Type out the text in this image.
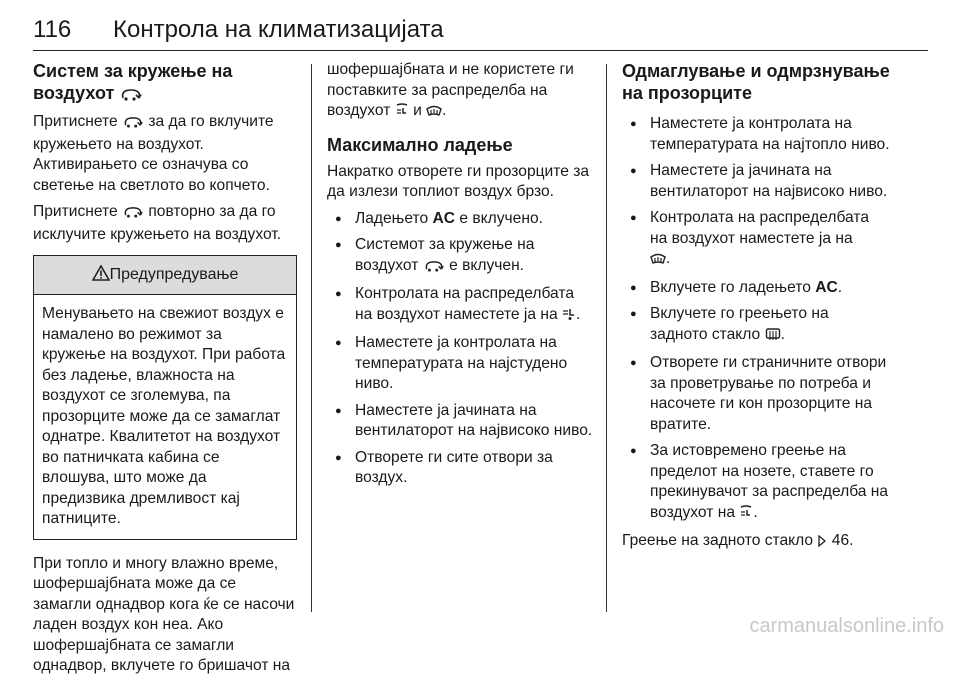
116 Контрола на климатизацијата
Систем за кружење на воздухот

Притиснете за да го вклучите кружењето на воздухот. Активирањето се означува со светење на светлото во копчето.

Притиснете повторно за да го исклучите кружењето на воздухот.

Предупредување
Менувањето на свежиот воздух е намалено во режимот за кружење на воздухот. При работа без ладење, влажноста на воздухот се зголемува, па прозорците може да се замаглат однатре. Квалитетот на воздухот во патничката кабина се влошува, што може да предизвика дремливост кај патниците.

При топло и многу влажно време, шофершајбната може да се замагли однадвор кога ќе се насочи ладен воздух кон неа. Ако шофершајбната се замагли однадвор, вклучете го бришачот на

шофершајбната и не користете ги поставките за распределба на воздухот и .

Максимално ладење

Накратко отворете ги прозорците за да излези топлиот воздух брзо.

● Ладењето AC е вклучено.
● Системот за кружење на воздухот е вклучен.
● Контролата на распределбата на воздухот наместете ја на .
● Наместете ја контролата на температурата на најстудено ниво.
● Наместете ја јачината на вентилаторот на највисоко ниво.
● Отворете ги сите отвори за воздух.
Одмаглување и одмрзнување на прозорците
● Наместете ја контролата на температурата на најтопло ниво.
● Наместете ја јачината на вентилаторот на највисоко ниво.
● Контролата на распределбата на воздухот наместете ја на
.
● Вклучете го ладењето AC.
● Вклучете го греењето на задното стакло .
● Отворете ги страничните отвори за проветрување по потреба и насочете ги кон прозорците на вратите.
● За истовремено греење на пределот на нозете, ставете го прекинувачот за распределба на воздухот на .

Греење на задното стакло 46.

carmanualsonline.info
